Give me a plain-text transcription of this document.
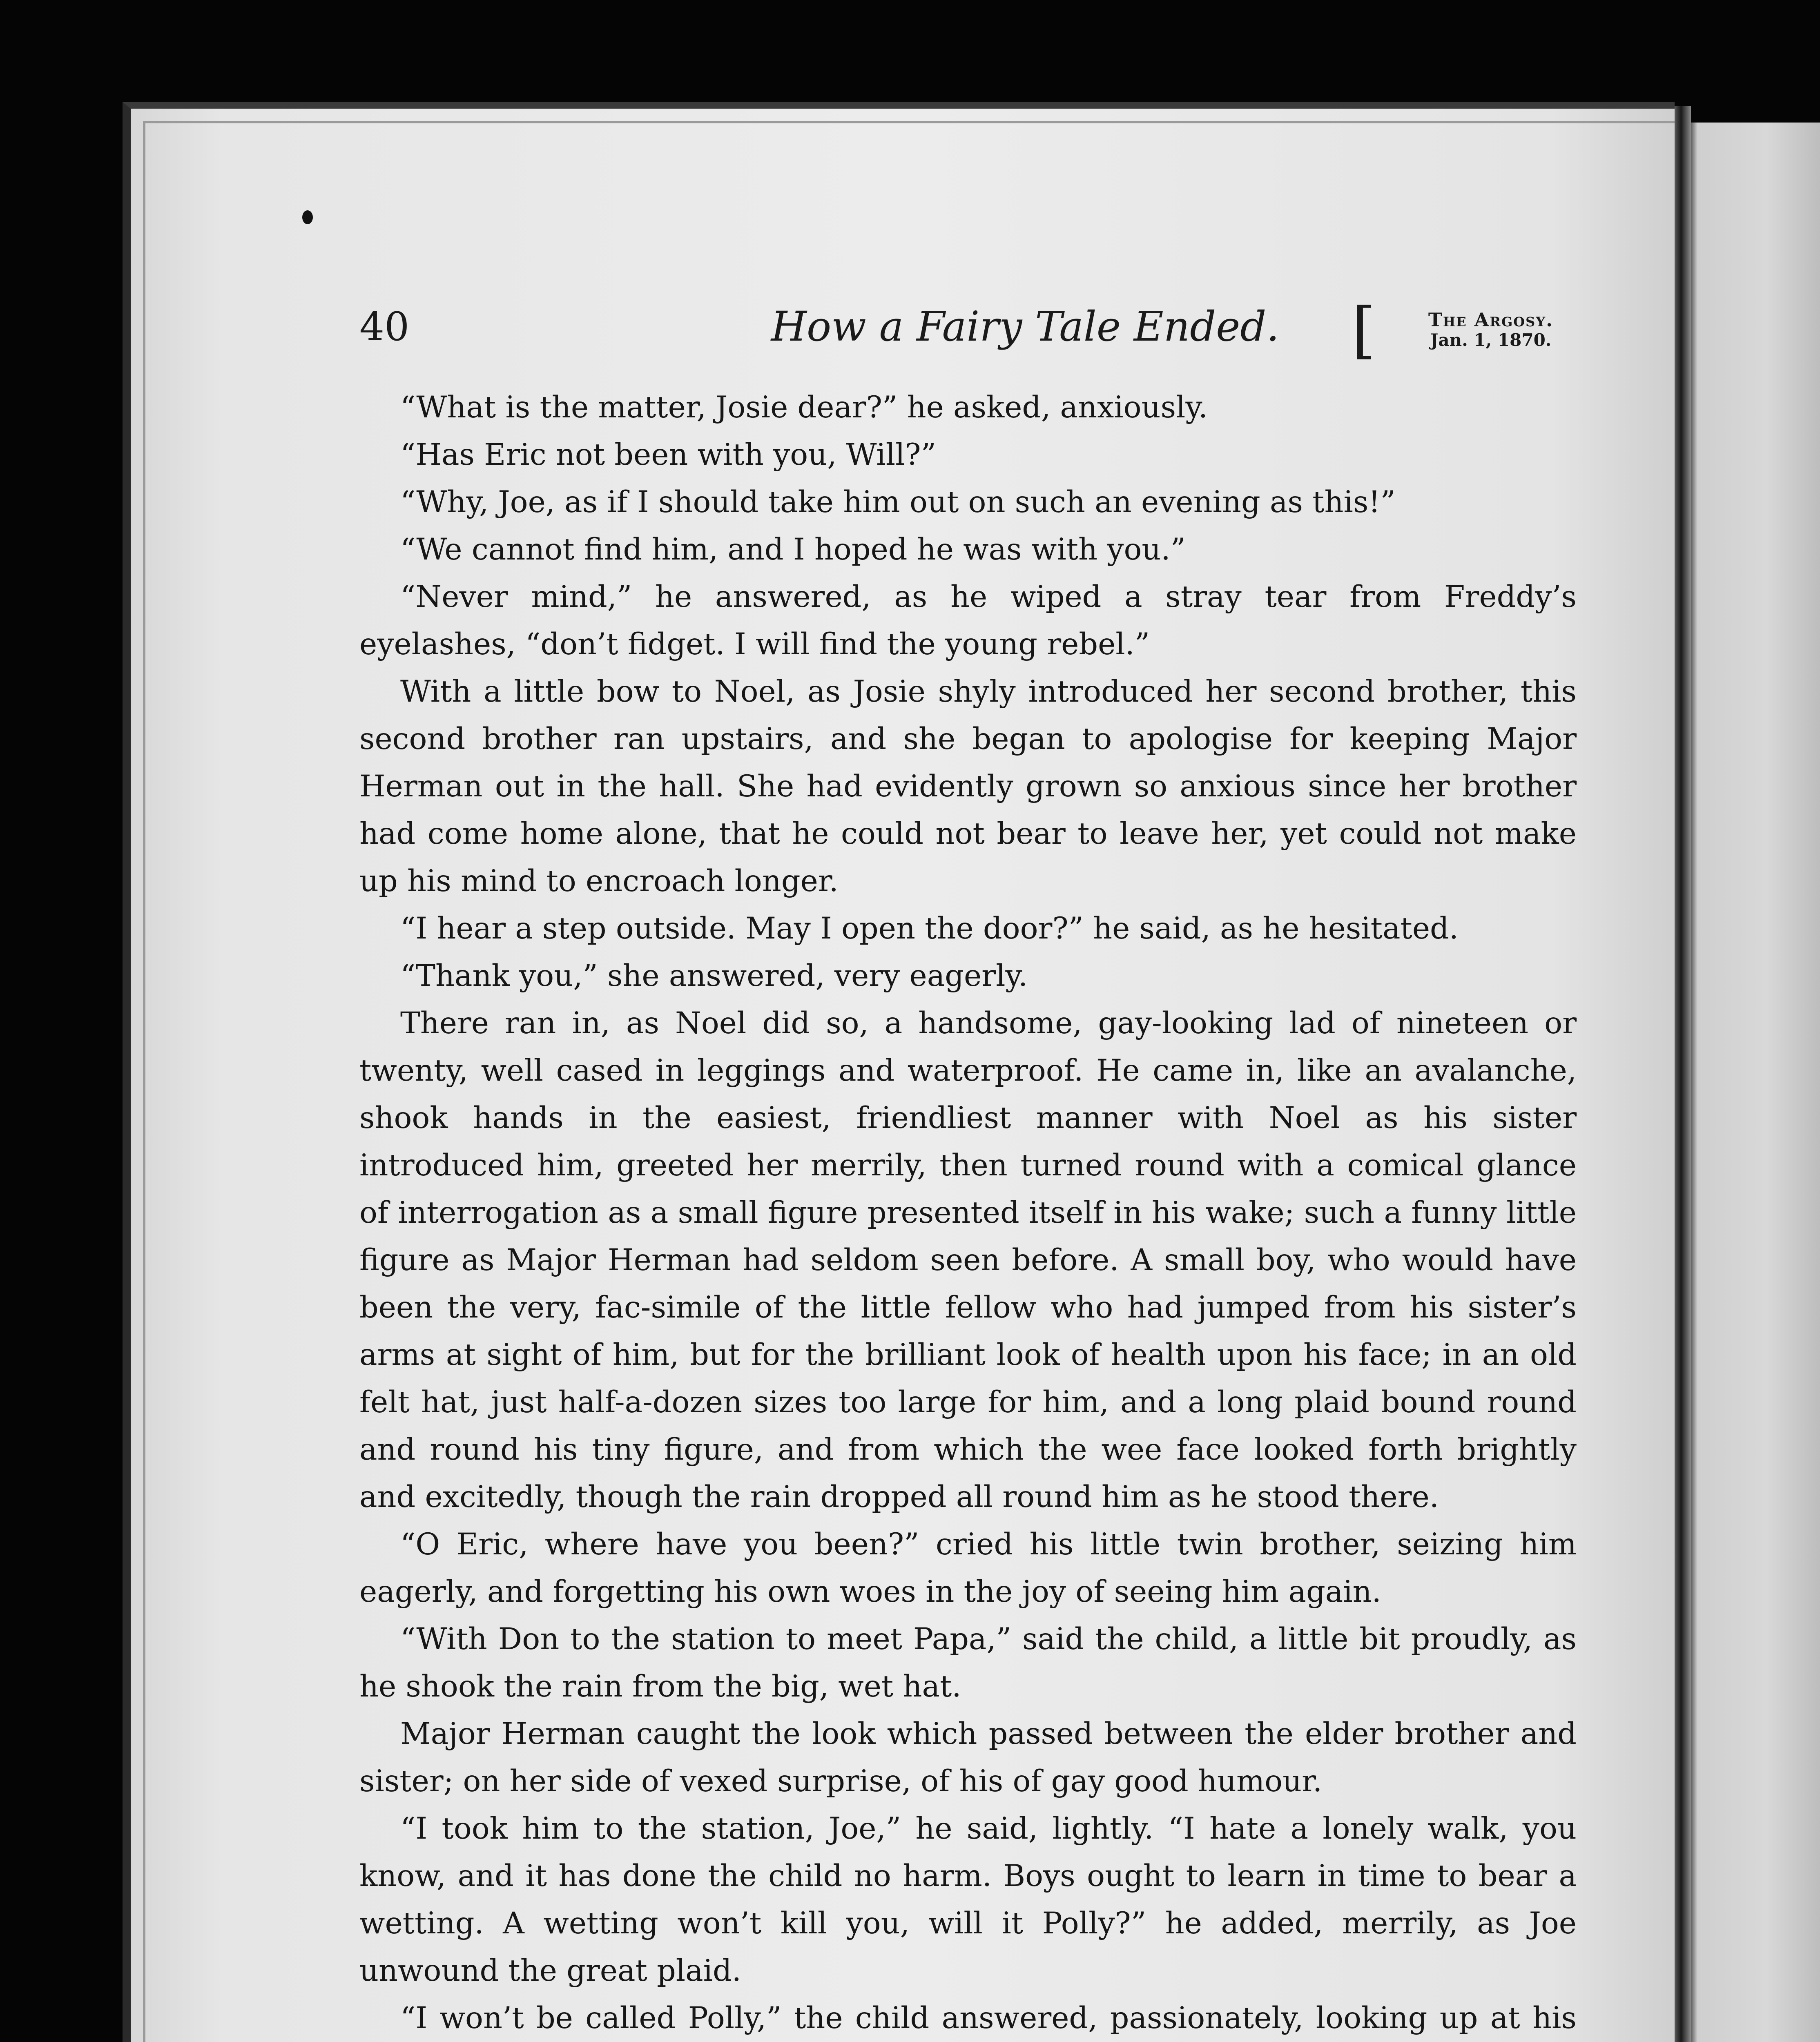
40	How a Fairy Tale Ended.	[	The Argosy.
Jan. 1, 1870.

“What is the matter, Josie dear?” he asked, anxiously.

“Has Eric not been with you, Will?”

“Why, Joe, as if I should take him out on such an evening as this!”

“We cannot find him, and I hoped he was with you.”

“Never mind,” he answered, as he wiped a stray tear from Freddy’s eyelashes, “don’t fidget. I will find the young rebel.”

With a little bow to Noel, as Josie shyly introduced her second brother, this second brother ran upstairs, and she began to apologise for keeping Major Herman out in the hall. She had evidently grown so anxious since her brother had come home alone, that he could not bear to leave her, yet could not make up his mind to encroach longer.

“I hear a step outside. May I open the door?” he said, as he hesitated.

“Thank you,” she answered, very eagerly.

There ran in, as Noel did so, a handsome, gay-looking lad of nineteen or twenty, well cased in leggings and waterproof. He came in, like an avalanche, shook hands in the easiest, friendliest manner with Noel as his sister introduced him, greeted her merrily, then turned round with a comical glance of interrogation as a small figure presented itself in his wake; such a funny little figure as Major Herman had seldom seen before. A small boy, who would have been the very, fac-simile of the little fellow who had jumped from his sister’s arms at sight of him, but for the brilliant look of health upon his face; in an old felt hat, just half-a-dozen sizes too large for him, and a long plaid bound round and round his tiny figure, and from which the wee face looked forth brightly and excitedly, though the rain dropped all round him as he stood there.

“O Eric, where have you been?” cried his little twin brother, seizing him eagerly, and forgetting his own woes in the joy of seeing him again.

“With Don to the station to meet Papa,” said the child, a little bit proudly, as he shook the rain from the big, wet hat.

Major Herman caught the look which passed between the elder brother and sister; on her side of vexed surprise, of his of gay good humour.

“I took him to the station, Joe,” he said, lightly. “I hate a lonely walk, you know, and it has done the child no harm. Boys ought to learn in time to bear a wetting. A wetting won’t kill you, will it Polly?” he added, merrily, as Joe unwound the great plaid.

“I won’t be called Polly,” the child answered, passionately, looking up at his
